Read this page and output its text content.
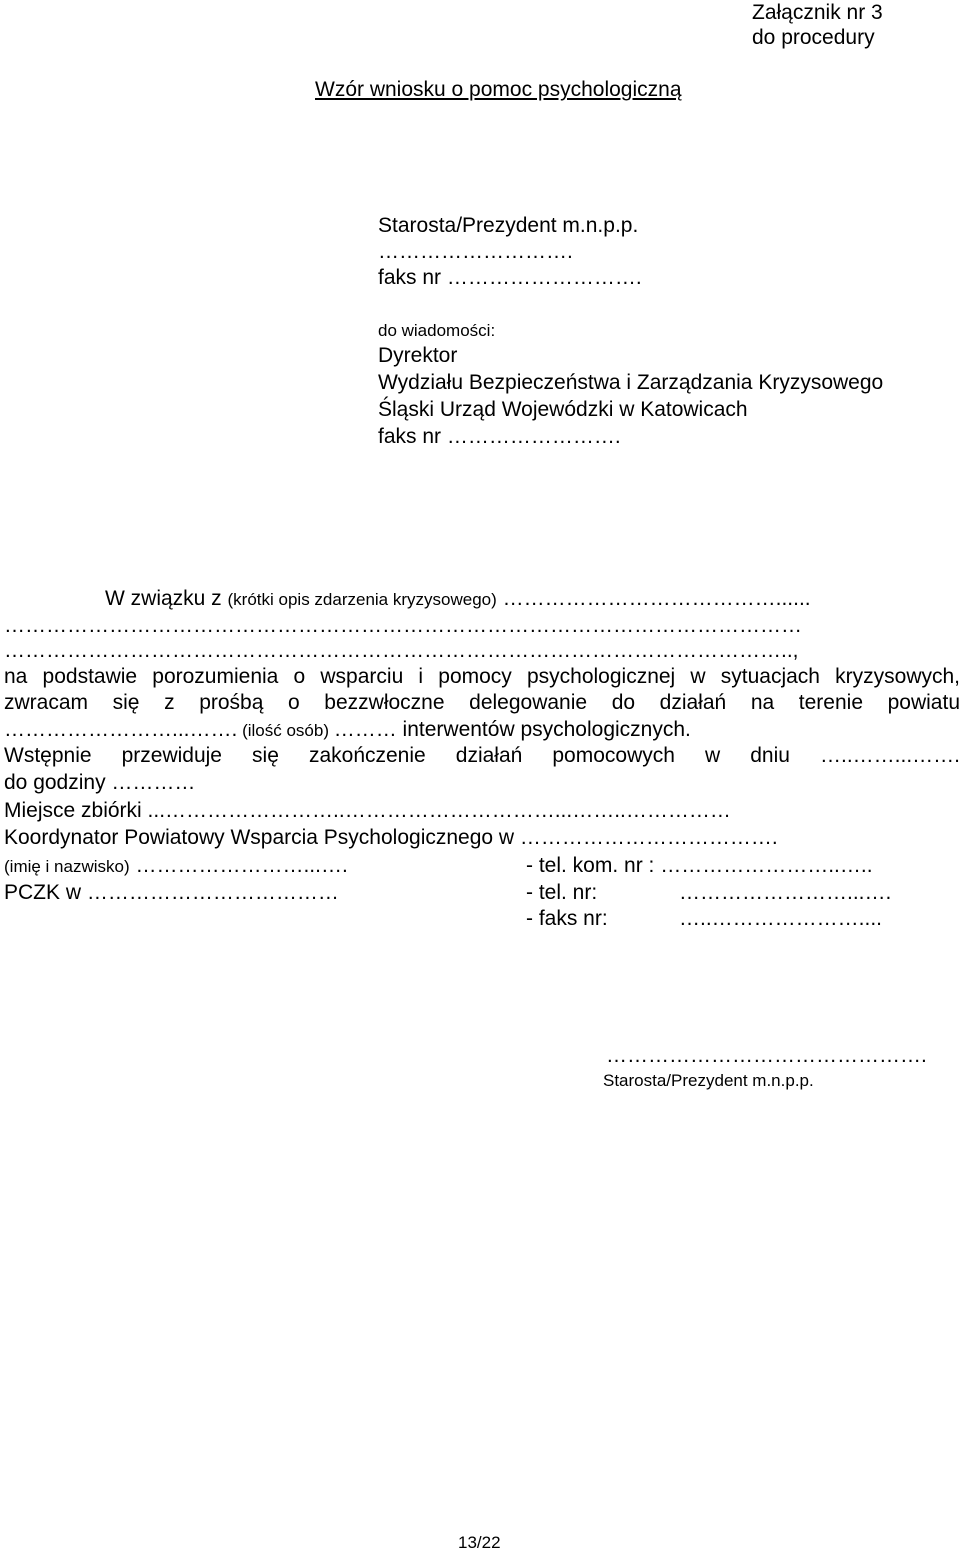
Załącznik nr 3
do procedury
Wzór wniosku o pomoc psychologiczną
Starosta/Prezydent m.n.p.p.
……………………….
faks nr ……………………….
do wiadomości:
Dyrektor
Wydziału Bezpieczeństwa i Zarządzania Kryzysowego
Śląski Urząd Wojewódzki w Katowicach
faks nr …………………….
W związku z (krótki opis zdarzenia kryzysowego) …………………………………......
……………………………………………………………………………………………………
…………………………………………………………………………………………………..,
na podstawie porozumienia o wsparciu i pomocy psychologicznej w sytuacjach kryzysowych,
zwracam się z prośbą o bezzwłoczne delegowanie do działań na terenie powiatu
……………………...……. (ilość osób) ……… interwentów psychologicznych.
Wstępnie przewiduje się zakończenie działań pomocowych w dniu …..……...…….
do godziny …………
Miejsce zbiórki ...……………………..…………………………...……..……………
Koordynator Powiatowy Wsparcia Psychologicznego w ……………………………….
(imię i nazwisko) ……………………...….	- tel. kom. nr : ……………………..…..
PCZK w ………………………………	- tel. nr:	……………………...….
- faks nr:	…..…………………....
……………………………………….
Starosta/Prezydent m.n.p.p.
13/22
